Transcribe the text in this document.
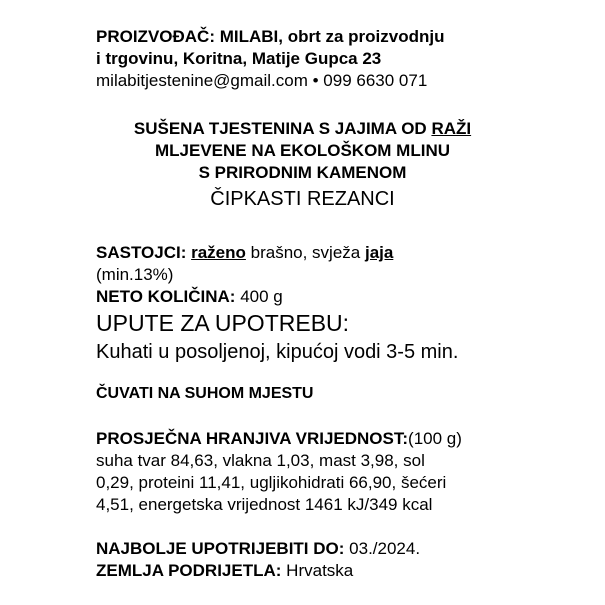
PROIZVOĐAČ: MILABI, obrt za proizvodnju
i trgovinu, Koritna, Matije Gupca 23
milabitjestenine@gmail.com • 099 6630 071
SUŠENA TJESTENINA S JAJIMA OD RAŽI
MLJEVENE NA EKOLOŠKOM MLINU
S PRIRODNIM KAMENOM
ČIPKASTI REZANCI
SASTOJCI: raženo brašno, svježa jaja
(min.13%)
NETO KOLIČINA: 400 g
UPUTE ZA UPOTREBU:
Kuhati u posoljenoj, kipućoj vodi 3-5 min.
ČUVATI NA SUHOM MJESTU
PROSJEČNA HRANJIVA VRIJEDNOST:(100 g)
suha tvar 84,63, vlakna 1,03, mast 3,98, sol
0,29, proteini 11,41, ugljikohidrati 66,90, šećeri
4,51, energetska vrijednost 1461 kJ/349 kcal
NAJBOLJE UPOTRIJEBITI DO: 03./2024.
ZEMLJA PODRIJETLA: Hrvatska
